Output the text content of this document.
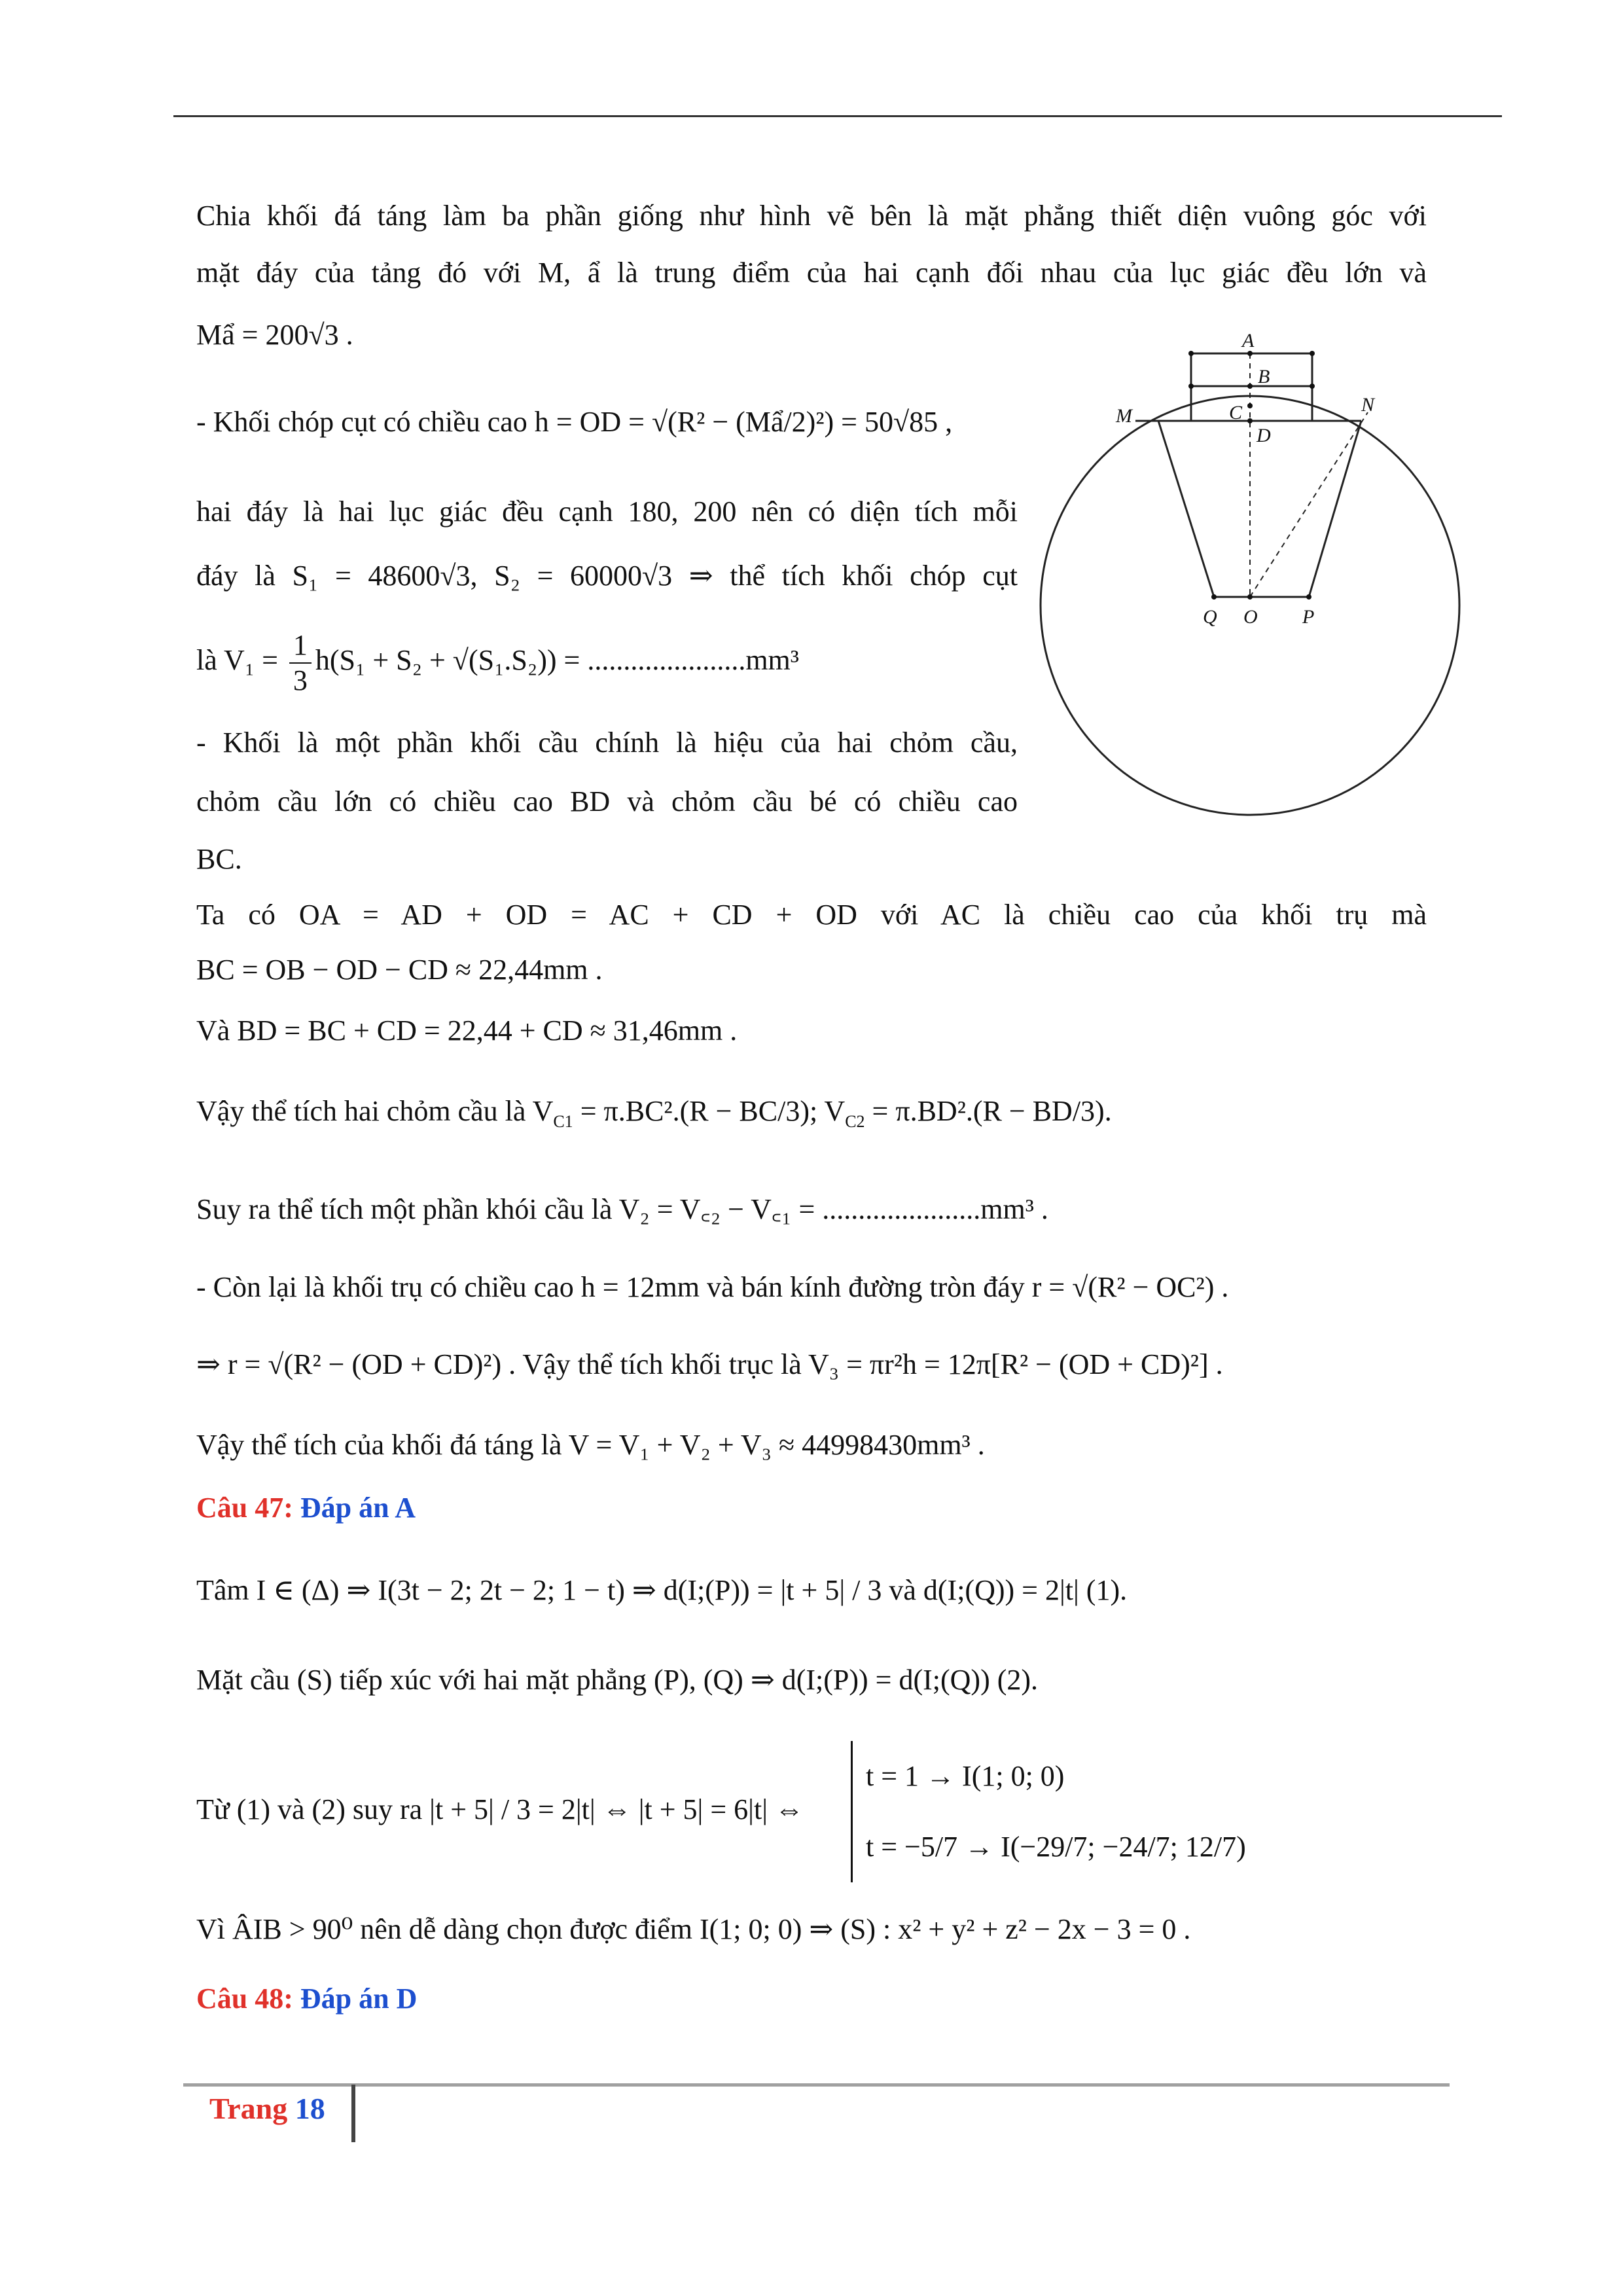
Chia khối đá táng làm ba phần giống như hình vẽ bên là mặt phẳng thiết diện vuông góc với
mặt đáy của tảng đó với M, ẩ là trung điểm của hai cạnh đối nhau của lục giác đều lớn và
Mẩ = 200√3 .
- Khối chóp cụt có chiều cao h = OD = √(R² − (Mẩ/2)²) = 50√85 ,
hai đáy là hai lục giác đều cạnh 180, 200 nên có diện tích mỗi
đáy là S₁ = 48600√3, S₂ = 60000√3 ⇒ thể tích khối chóp cụt
là $V_1 = \frac{1}{3} h(S_1 + S_2 + √(S_1.S_2)) = ......................mm^3$
- Khối là một phần khối cầu chính là hiệu của hai chỏm cầu,
chỏm cầu lớn có chiều cao BD và chỏm cầu bé có chiều cao
BC.
Ta có OA = AD + OD = AC + CD + OD với AC là chiều cao của khối trụ mà
BC = OB − OD − CD ≈ 22,44mm .
Và BD = BC + CD = 22,44 + CD ≈ 31,46mm .
Vậy thể tích hai chỏm cầu là $V_{C1} = \pi.BC^2.(R - BC/3)$; $V_{C2} = \pi.BD^2.(R - BD/3)$.
Suy ra thể tích một phần khói cầu là V₂ = V꜀₂ − V꜀₁ = ......................mm³ .
- Còn lại là khối trụ có chiều cao h = 12mm và bán kính đường tròn đáy r = √(R² − OC²) .
⇒ r = √(R² − (OD + CD)²) . Vậy thể tích khối trục là V₃ = πr²h = 12π[R² − (OD + CD)²] .
Vậy thể tích của khối đá táng là V = V₁ + V₂ + V₃ ≈ 44998430mm³ .
Câu 47: Đáp án A
Tâm I ∈ (Δ) ⇒ I(3t − 2; 2t − 2; 1 − t) ⇒ d(I;(P)) = |t + 5| / 3 và d(I;(Q)) = 2|t| (1).
Mặt cầu (S) tiếp xúc với hai mặt phẳng (P), (Q) ⇒ d(I;(P)) = d(I;(Q)) (2).
Từ (1) và (2) suy ra |t + 5| / 3 = 2|t| ⇔ |t + 5| = 6|t| ⇔
t = 1 → I(1; 0; 0)
t = −5/7 → I(−29/7; −24/7; 12/7)
Vì ÂIB > 90⁰ nên dễ dàng chọn được điểm I(1; 0; 0) ⇒ (S) : x² + y² + z² − 2x − 3 = 0 .
Câu 48: Đáp án D
A
B
C
D
M
N
Q O P
Trang 18
